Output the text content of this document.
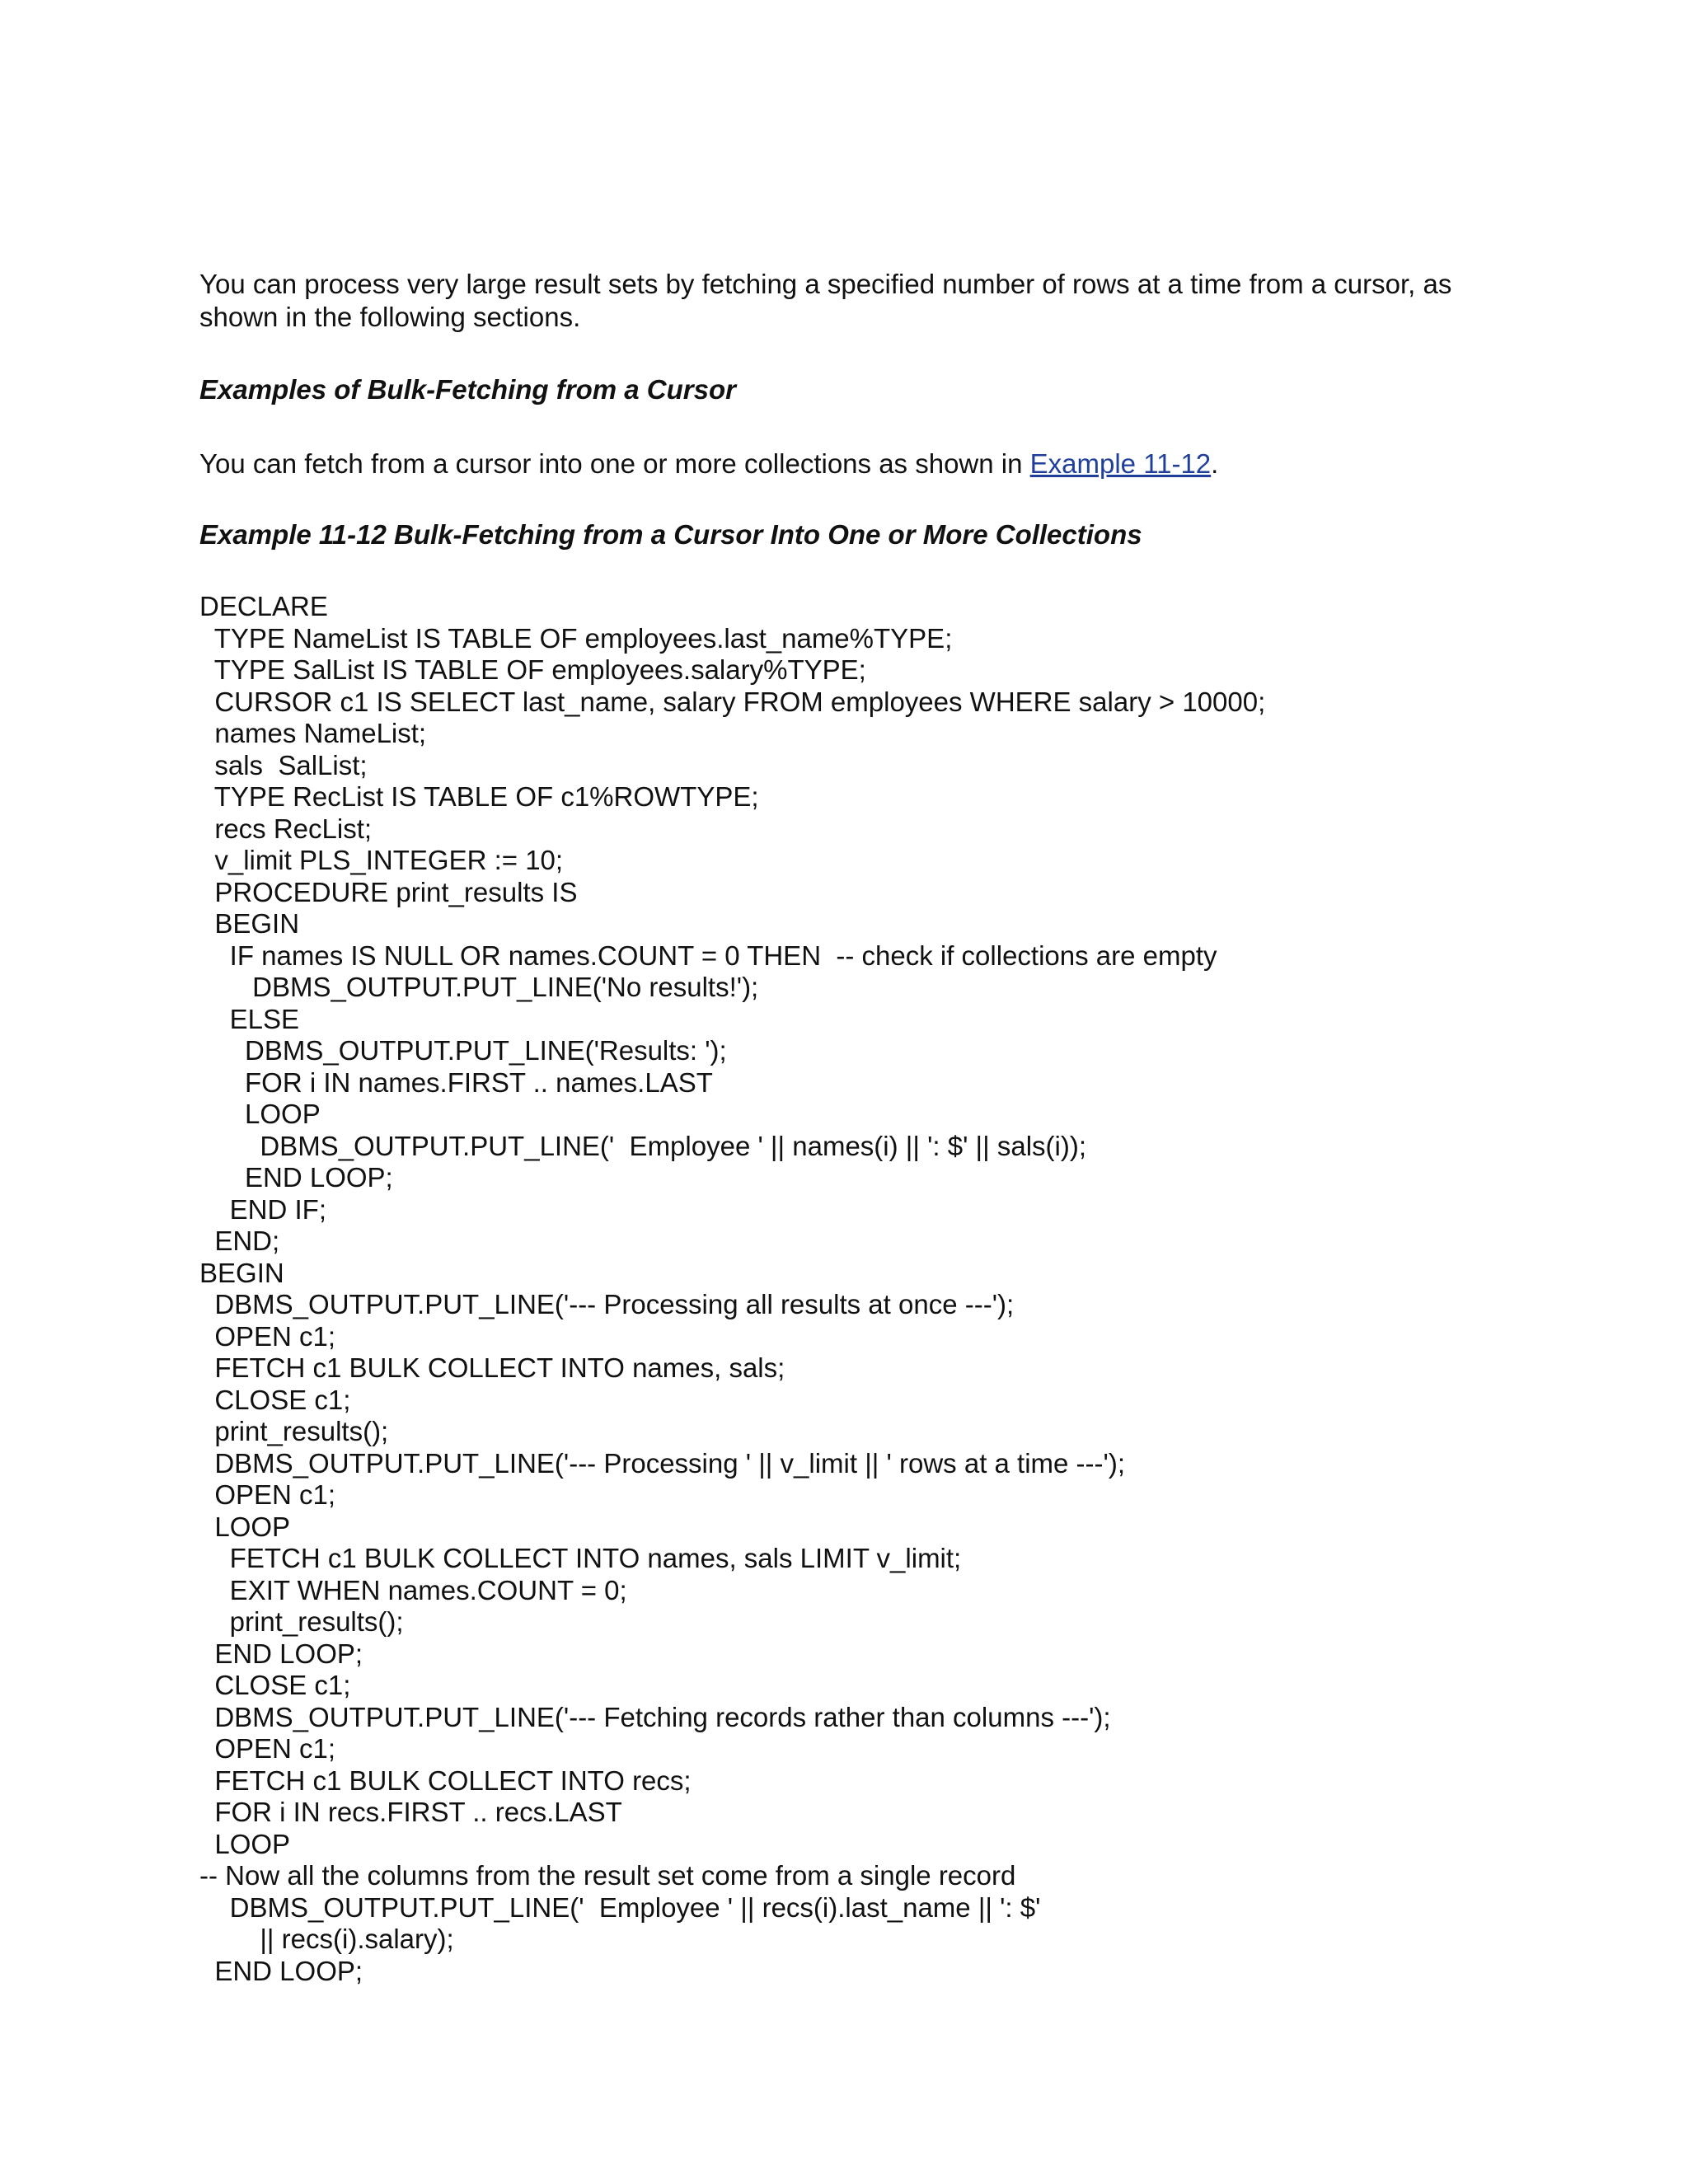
You can process very large result sets by fetching a specified number of rows at a time from a cursor, as shown in the following sections.

Examples of Bulk-Fetching from a Cursor

You can fetch from a cursor into one or more collections as shown in Example 11-12.

Example 11-12 Bulk-Fetching from a Cursor Into One or More Collections

DECLARE
TYPE NameList IS TABLE OF employees.last_name%TYPE;
TYPE SalList IS TABLE OF employees.salary%TYPE;
CURSOR c1 IS SELECT last_name, salary FROM employees WHERE salary > 10000;
names NameList;
sals  SalList;
TYPE RecList IS TABLE OF c1%ROWTYPE;
recs RecList;
v_limit PLS_INTEGER := 10;
PROCEDURE print_results IS
BEGIN
IF names IS NULL OR names.COUNT = 0 THEN  -- check if collections are empty
DBMS_OUTPUT.PUT_LINE('No results!');
ELSE
DBMS_OUTPUT.PUT_LINE('Results: ');
FOR i IN names.FIRST .. names.LAST
LOOP
DBMS_OUTPUT.PUT_LINE('  Employee ' || names(i) || ': $' || sals(i));
END LOOP;
END IF;
END;
BEGIN
DBMS_OUTPUT.PUT_LINE('--- Processing all results at once ---');
OPEN c1;
FETCH c1 BULK COLLECT INTO names, sals;
CLOSE c1;
print_results();
DBMS_OUTPUT.PUT_LINE('--- Processing ' || v_limit || ' rows at a time ---');
OPEN c1;
LOOP
FETCH c1 BULK COLLECT INTO names, sals LIMIT v_limit;
EXIT WHEN names.COUNT = 0;
print_results();
END LOOP;
CLOSE c1;
DBMS_OUTPUT.PUT_LINE('--- Fetching records rather than columns ---');
OPEN c1;
FETCH c1 BULK COLLECT INTO recs;
FOR i IN recs.FIRST .. recs.LAST
LOOP
-- Now all the columns from the result set come from a single record
DBMS_OUTPUT.PUT_LINE('  Employee ' || recs(i).last_name || ': $'
|| recs(i).salary);
END LOOP;
